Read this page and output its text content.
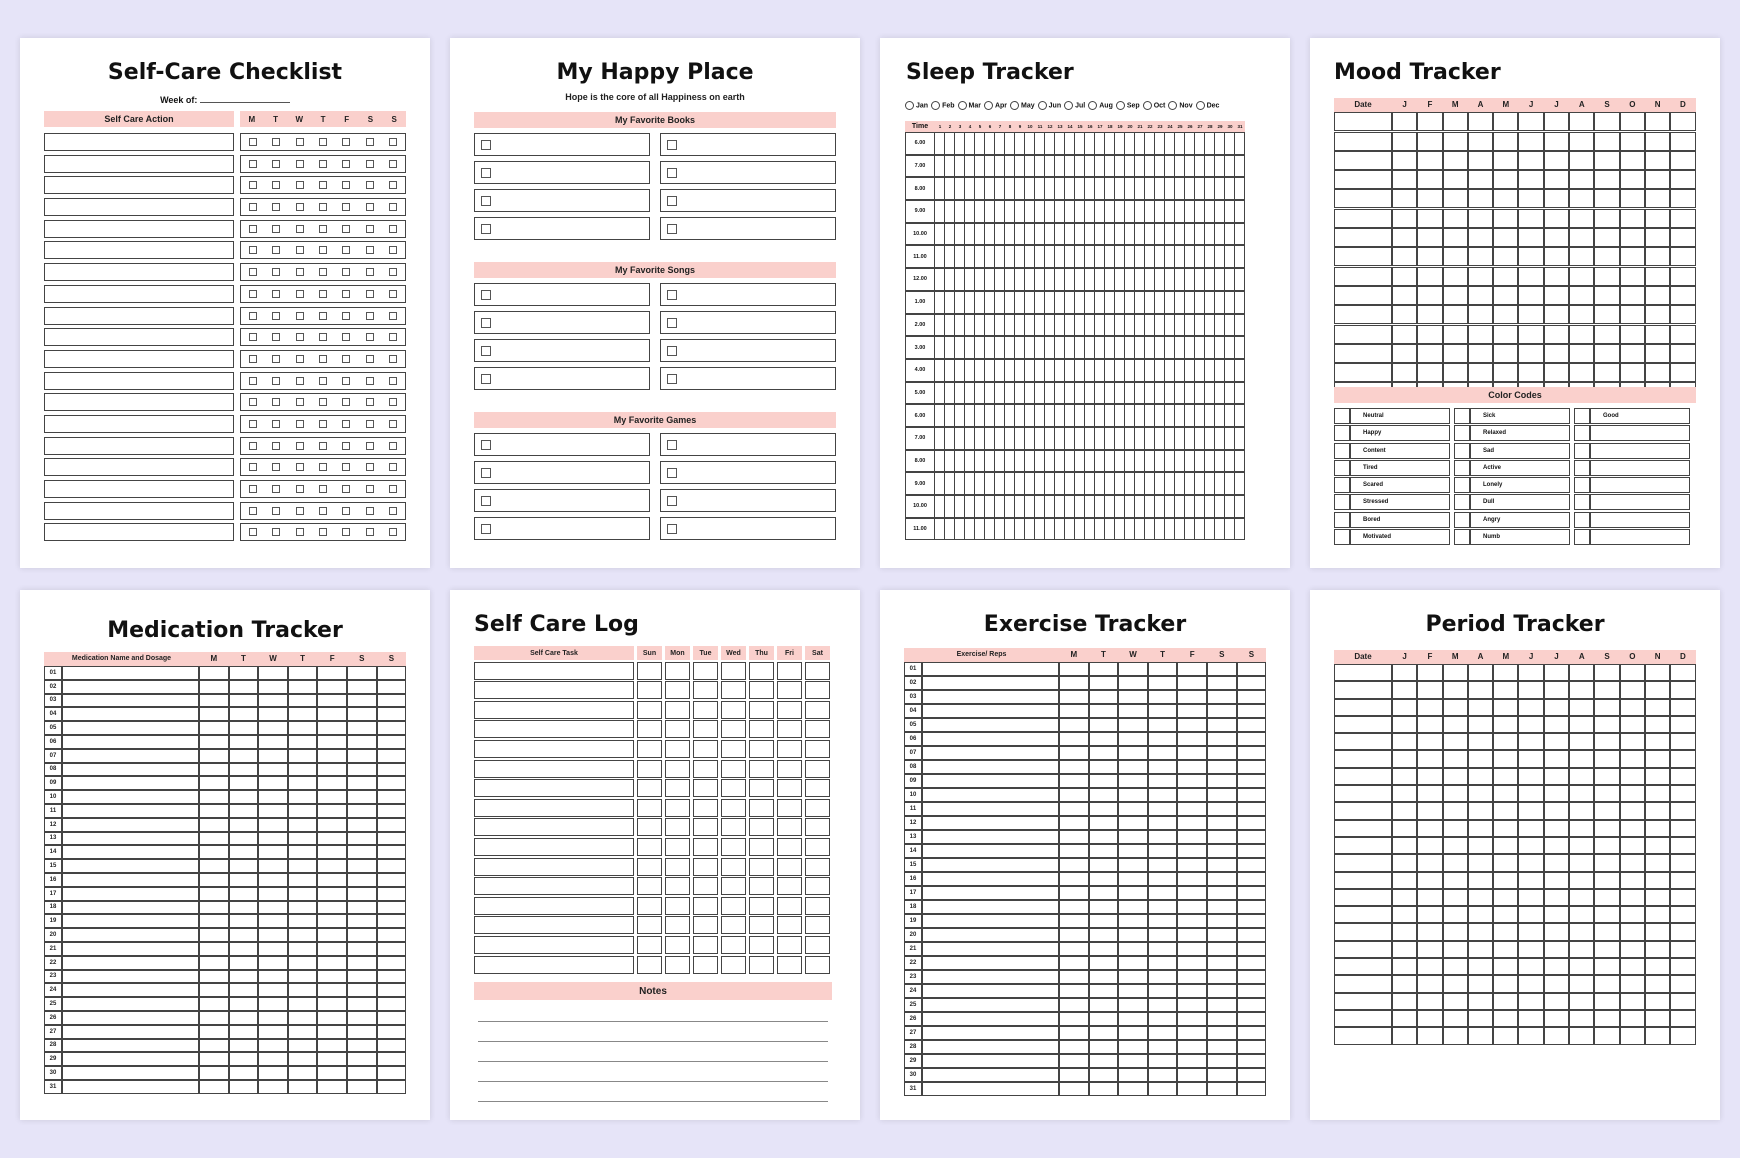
Self-Care Checklist
Week of:
Self Care Action	M	T	W	T	F	S	S
My Happy Place
Hope is the core of all Happiness on earth
My Favorite Books
My Favorite Songs
My Favorite Games
Sleep Tracker
Jan Feb Mar Apr May Jun Jul Aug Sep Oct Nov Dec
Time	1	2	3	4	5	6	7	8	9	10	11	12	13	14	15	16	17	18	19	20	21	22	23	24	25	26	27	28	29	30	31
6.00
7.00
8.00
9.00
10.00
11.00
12.00
1.00
2.00
3.00
4.00
5.00
6.00
7.00
8.00
9.00
10.00
11.00
Mood Tracker
Date	J	F	M	A	M	J	J	A	S	O	N	D
Color Codes
Neutral	Sick	Good
Happy	Relaxed
Content	Sad
Tired	Active
Scared	Lonely
Stressed	Dull
Bored	Angry
Motivated	Numb
Medication Tracker
Medication Name and Dosage	M	T	W	T	F	S	S
01
02
03
04
05
06
07
08
09
10
11
12
13
14
15
16
17
18
19
20
21
22
23
24
25
26
27
28
29
30
31
Self Care Log
Self Care Task	Sun	Mon	Tue	Wed	Thu	Fri	Sat
Notes
Exercise Tracker
Exercise/ Reps	M	T	W	T	F	S	S
01
02
03
04
05
06
07
08
09
10
11
12
13
14
15
16
17
18
19
20
21
22
23
24
25
26
27
28
29
30
31
Period Tracker
Date	J	F	M	A	M	J	J	A	S	O	N	D
